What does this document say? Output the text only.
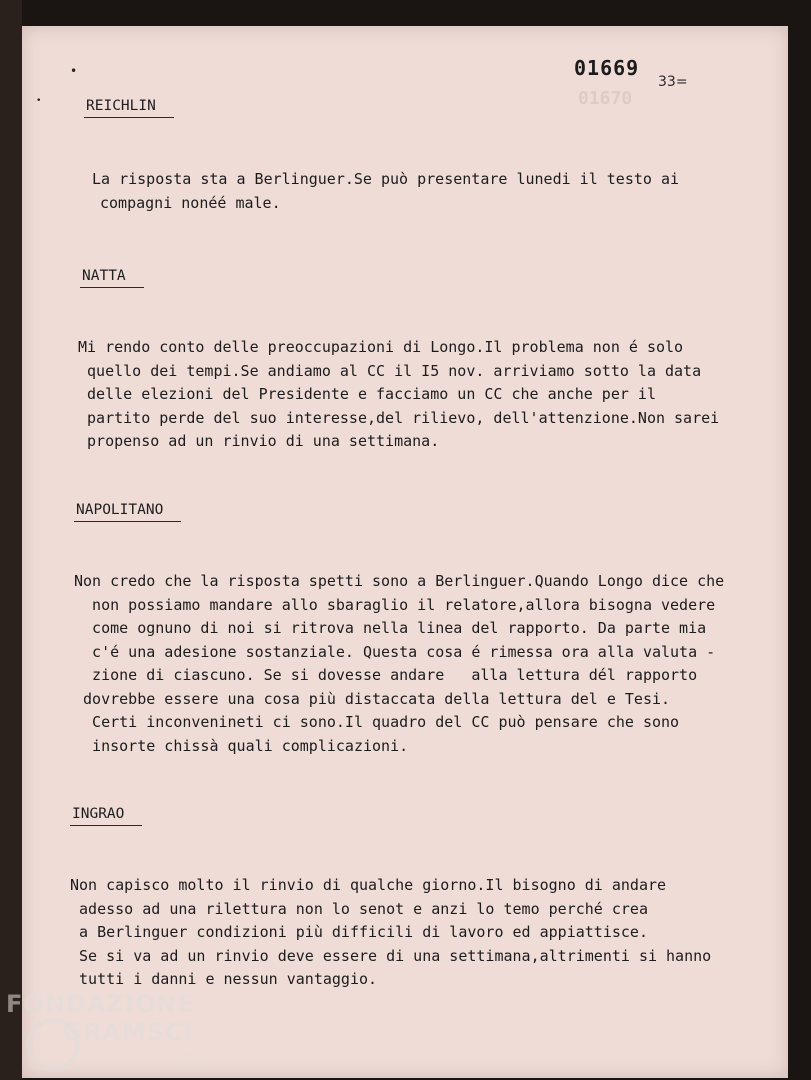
•
•	01670
01669
33=
REICHLIN
La risposta sta a Berlinguer.Se può presentare lunedi il testo ai
compagni nonéé male.
NATTA
Mi rendo conto delle preoccupazioni di Longo.Il problema non é solo
quello dei tempi.Se andiamo al CC il I5 nov. arriviamo sotto la data
delle elezioni del Presidente e facciamo un CC che anche per il
partito perde del suo interesse,del rilievo, dell'attenzione.Non sarei
propenso ad un rinvio di una settimana.
NAPOLITANO
Non credo che la risposta spetti sono a Berlinguer.Quando Longo dice che
non possiamo mandare allo sbaraglio il relatore,allora bisogna vedere
come ognuno di noi si ritrova nella linea del rapporto. Da parte mia
c'é una adesione sostanziale. Questa cosa é rimessa ora alla valuta -
zione di ciascuno. Se si dovesse andare   alla lettura dél rapporto
dovrebbe essere una cosa più distaccata della lettura del e Tesi.
Certi inconvenineti ci sono.Il quadro del CC può pensare che sono
insorte chissà quali complicazioni.
INGRAO
Non capisco molto il rinvio di qualche giorno.Il bisogno di andare
adesso ad una rilettura non lo senot e anzi lo temo perché crea
a Berlinguer condizioni più difficili di lavoro ed appiattisce.
Se si va ad un rinvio deve essere di una settimana,altrimenti si hanno
tutti i danni e nessun vantaggio.
FONDAZIONE
GRAMSCI
onlus
